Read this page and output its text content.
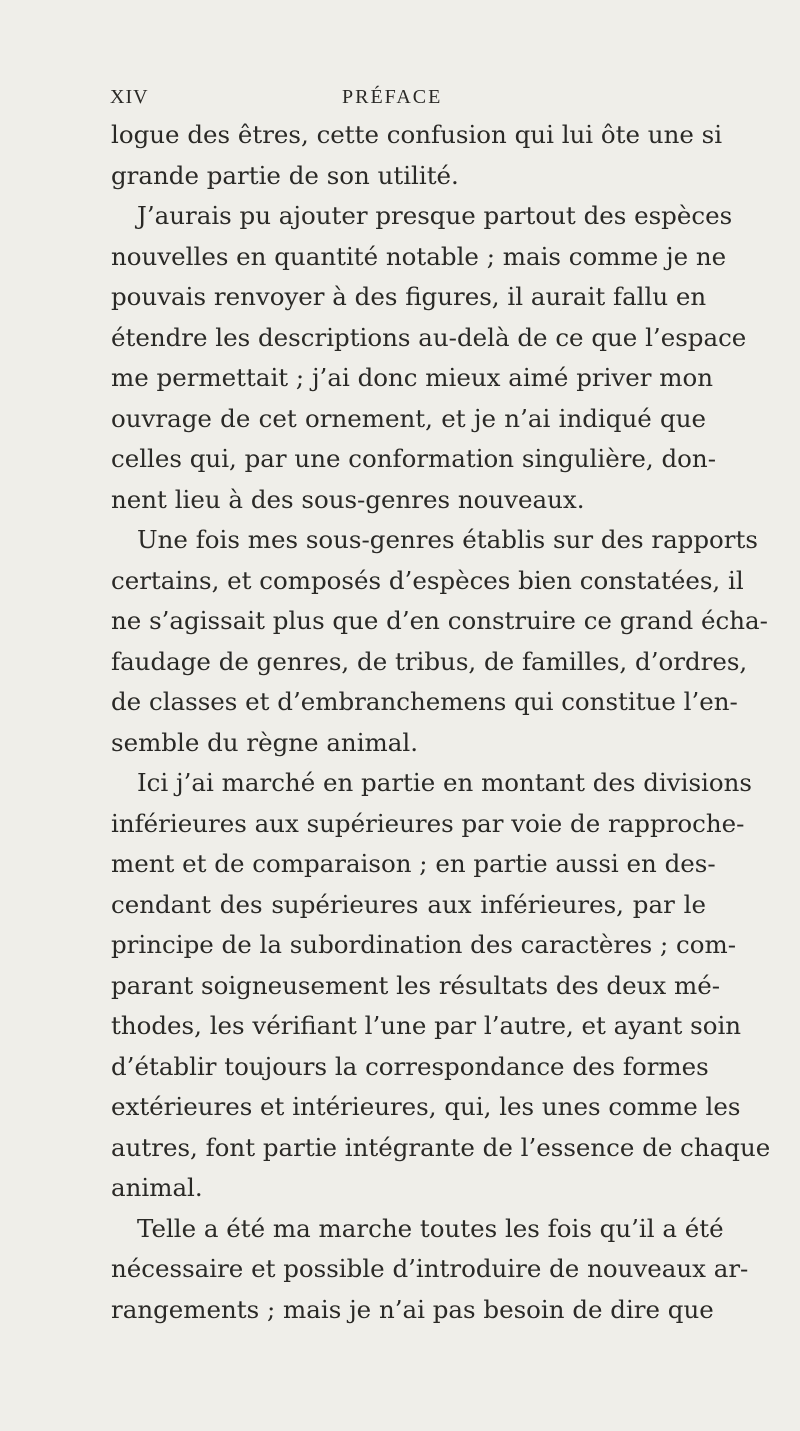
XIV	PRÉFACE
logue des êtres, cette confusion qui lui ôte une si
grande partie de son utilité.
J’aurais pu ajouter presque partout des espèces
nouvelles en quantité notable ; mais comme je ne
pouvais renvoyer à des figures, il aurait fallu en
étendre les descriptions au-delà de ce que l’espace
me permettait ; j’ai donc mieux aimé priver mon
ouvrage de cet ornement, et je n’ai indiqué que
celles qui, par une conformation singulière, don-
nent lieu à des sous-genres nouveaux.
Une fois mes sous-genres établis sur des rapports
certains, et composés d’espèces bien constatées, il
ne s’agissait plus que d’en construire ce grand écha-
faudage de genres, de tribus, de familles, d’ordres,
de classes et d’embranchemens qui constitue l’en-
semble du règne animal.
Ici j’ai marché en partie en montant des divisions
inférieures aux supérieures par voie de rapproche-
ment et de comparaison ; en partie aussi en des-
cendant des supérieures aux inférieures, par le
principe de la subordination des caractères ; com-
parant soigneusement les résultats des deux mé-
thodes, les vérifiant l’une par l’autre, et ayant soin
d’établir toujours la correspondance des formes
extérieures et intérieures, qui, les unes comme les
autres, font partie intégrante de l’essence de chaque
animal.
Telle a été ma marche toutes les fois qu’il a été
nécessaire et possible d’introduire de nouveaux ar-
rangements ; mais je n’ai pas besoin de dire que
